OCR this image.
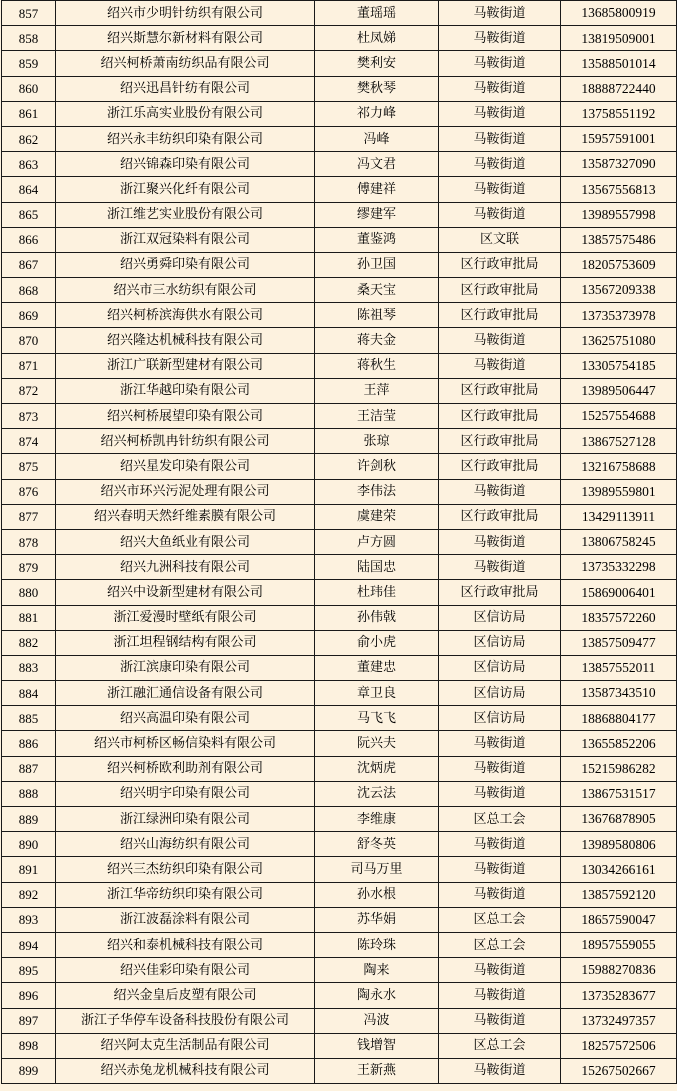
857	绍兴市少明针纺织有限公司	董瑶瑶	马鞍街道	13685800919
858	绍兴斯慧尔新材料有限公司	杜凤娣	马鞍街道	13819509001
859	绍兴柯桥萧南纺织品有限公司	樊利安	马鞍街道	13588501014
860	绍兴迅昌针纺有限公司	樊秋琴	马鞍街道	18888722440
861	浙江乐高实业股份有限公司	祁力峰	马鞍街道	13758551192
862	绍兴永丰纺织印染有限公司	冯峰	马鞍街道	15957591001
863	绍兴锦森印染有限公司	冯文君	马鞍街道	13587327090
864	浙江聚兴化纤有限公司	傅建祥	马鞍街道	13567556813
865	浙江维艺实业股份有限公司	缪建军	马鞍街道	13989557998
866	浙江双冠染料有限公司	董鉴鸿	区文联	13857575486
867	绍兴勇舜印染有限公司	孙卫国	区行政审批局	18205753609
868	绍兴市三水纺织有限公司	桑天宝	区行政审批局	13567209338
869	绍兴柯桥滨海供水有限公司	陈祖琴	区行政审批局	13735373978
870	绍兴隆达机械科技有限公司	蒋夫金	马鞍街道	13625751080
871	浙江广联新型建材有限公司	蒋秋生	马鞍街道	13305754185
872	浙江华越印染有限公司	王萍	区行政审批局	13989506447
873	绍兴柯桥展望印染有限公司	王洁莹	区行政审批局	15257554688
874	绍兴柯桥凯冉针纺织有限公司	张琼	区行政审批局	13867527128
875	绍兴星发印染有限公司	许剑秋	区行政审批局	13216758688
876	绍兴市环兴污泥处理有限公司	李伟法	马鞍街道	13989559801
877	绍兴春明天然纤维素膜有限公司	虞建荣	区行政审批局	13429113911
878	绍兴大鱼纸业有限公司	卢方圆	马鞍街道	13806758245
879	绍兴九洲科技有限公司	陆国忠	马鞍街道	13735332298
880	绍兴中设新型建材有限公司	杜玮佳	区行政审批局	15869006401
881	浙江爱漫时壁纸有限公司	孙伟戟	区信访局	18357572260
882	浙江坦程钢结构有限公司	俞小虎	区信访局	13857509477
883	浙江滨康印染有限公司	董建忠	区信访局	13857552011
884	浙江融汇通信设备有限公司	章卫良	区信访局	13587343510
885	绍兴高温印染有限公司	马飞飞	区信访局	18868804177
886	绍兴市柯桥区畅信染料有限公司	阮兴夫	马鞍街道	13655852206
887	绍兴柯桥欧利助剂有限公司	沈炳虎	马鞍街道	15215986282
888	绍兴明宇印染有限公司	沈云法	马鞍街道	13867531517
889	浙江绿洲印染有限公司	李维康	区总工会	13676878905
890	绍兴山海纺织有限公司	舒冬英	马鞍街道	13989580806
891	绍兴三杰纺织印染有限公司	司马万里	马鞍街道	13034266161
892	浙江华帝纺织印染有限公司	孙水根	马鞍街道	13857592120
893	浙江波磊涂料有限公司	苏华娟	区总工会	18657590047
894	绍兴和泰机械科技有限公司	陈玲珠	区总工会	18957559055
895	绍兴佳彩印染有限公司	陶来	马鞍街道	15988270836
896	绍兴金皇后皮塑有限公司	陶永水	马鞍街道	13735283677
897	浙江子华停车设备科技股份有限公司	冯波	马鞍街道	13732497357
898	绍兴阿太克生活制品有限公司	钱增智	区总工会	18257572506
899	绍兴赤兔龙机械科技有限公司	王新燕	马鞍街道	15267502667
